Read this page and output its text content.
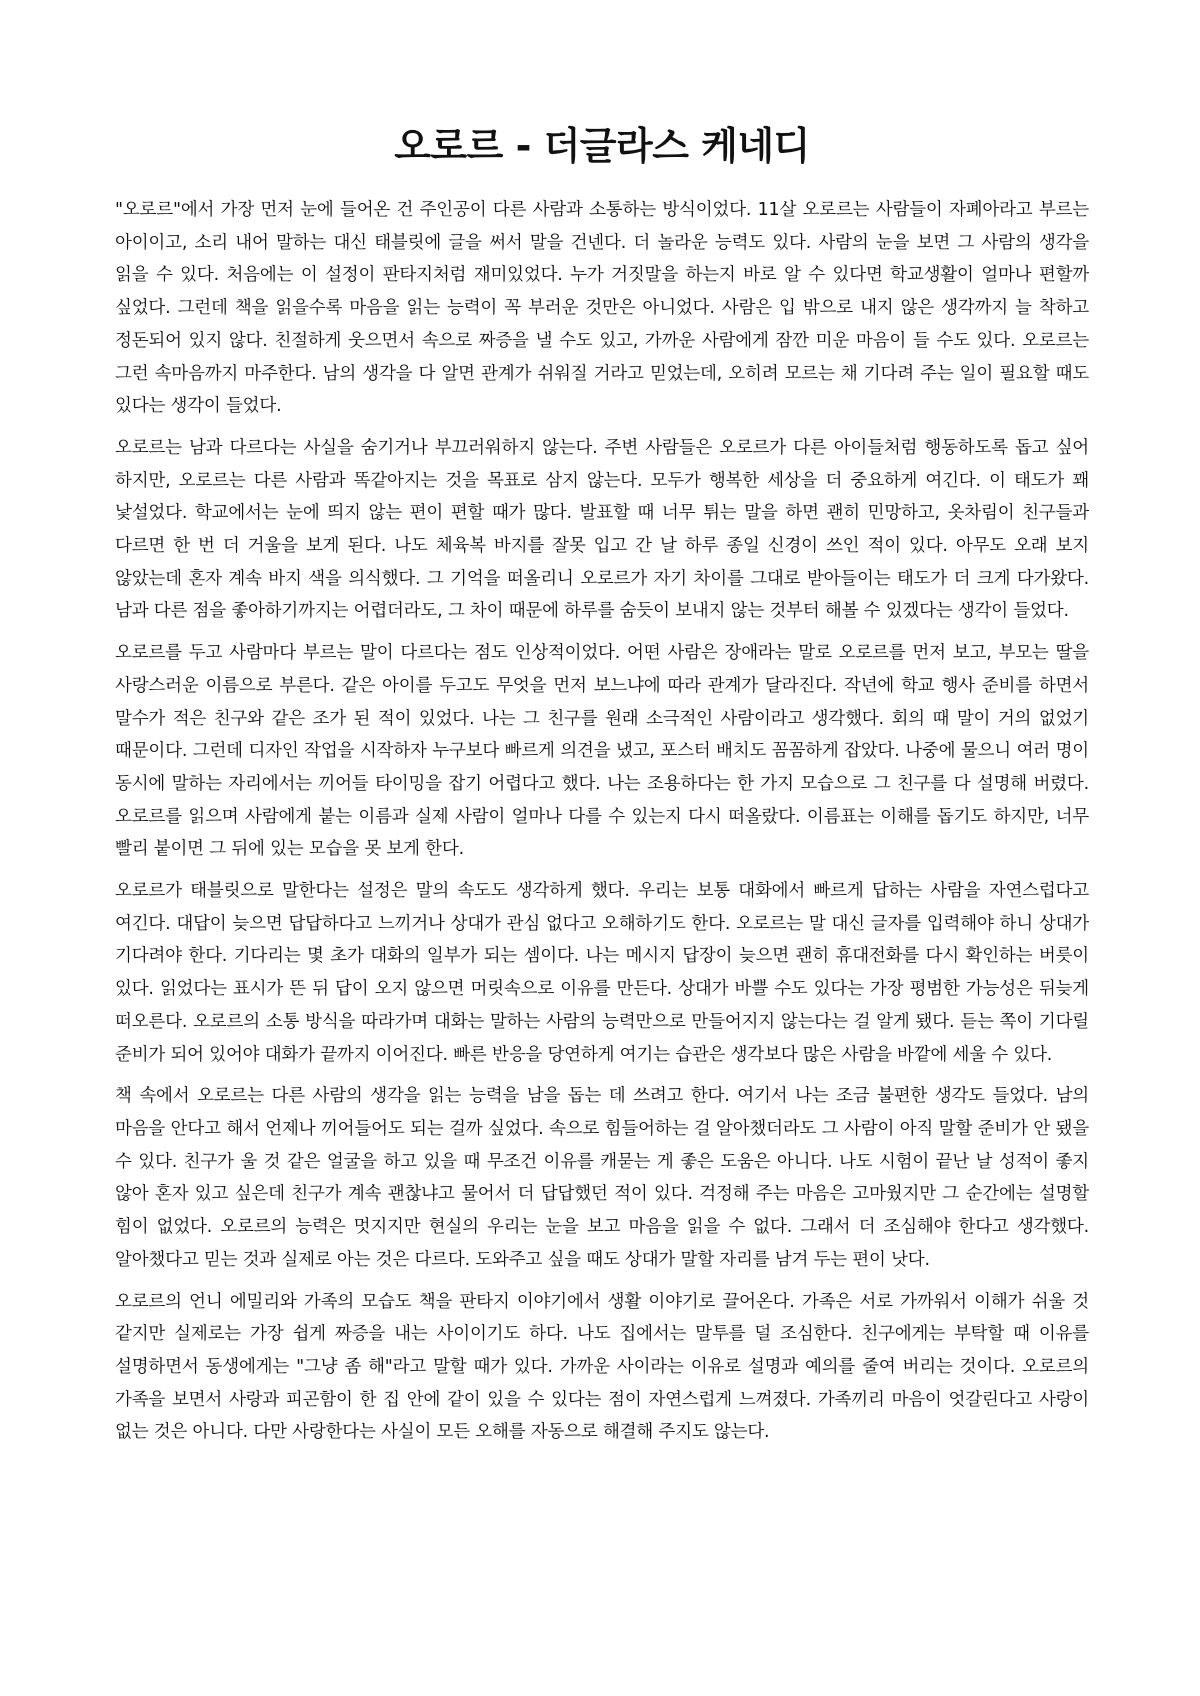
오로르 - 더글라스 케네디

"오로르"에서 가장 먼저 눈에 들어온 건 주인공이 다른 사람과 소통하는 방식이었다. 11살 오로르는 사람들이 자폐아라고 부르는 아이이고, 소리 내어 말하는 대신 태블릿에 글을 써서 말을 건넨다. 더 놀라운 능력도 있다. 사람의 눈을 보면 그 사람의 생각을 읽을 수 있다. 처음에는 이 설정이 판타지처럼 재미있었다. 누가 거짓말을 하는지 바로 알 수 있다면 학교생활이 얼마나 편할까 싶었다. 그런데 책을 읽을수록 마음을 읽는 능력이 꼭 부러운 것만은 아니었다. 사람은 입 밖으로 내지 않은 생각까지 늘 착하고 정돈되어 있지 않다. 친절하게 웃으면서 속으로 짜증을 낼 수도 있고, 가까운 사람에게 잠깐 미운 마음이 들 수도 있다. 오로르는 그런 속마음까지 마주한다. 남의 생각을 다 알면 관계가 쉬워질 거라고 믿었는데, 오히려 모르는 채 기다려 주는 일이 필요할 때도 있다는 생각이 들었다.

오로르는 남과 다르다는 사실을 숨기거나 부끄러워하지 않는다. 주변 사람들은 오로르가 다른 아이들처럼 행동하도록 돕고 싶어 하지만, 오로르는 다른 사람과 똑같아지는 것을 목표로 삼지 않는다. 모두가 행복한 세상을 더 중요하게 여긴다. 이 태도가 꽤 낯설었다. 학교에서는 눈에 띄지 않는 편이 편할 때가 많다. 발표할 때 너무 튀는 말을 하면 괜히 민망하고, 옷차림이 친구들과 다르면 한 번 더 거울을 보게 된다. 나도 체육복 바지를 잘못 입고 간 날 하루 종일 신경이 쓰인 적이 있다. 아무도 오래 보지 않았는데 혼자 계속 바지 색을 의식했다. 그 기억을 떠올리니 오로르가 자기 차이를 그대로 받아들이는 태도가 더 크게 다가왔다. 남과 다른 점을 좋아하기까지는 어렵더라도, 그 차이 때문에 하루를 숨듯이 보내지 않는 것부터 해볼 수 있겠다는 생각이 들었다.

오로르를 두고 사람마다 부르는 말이 다르다는 점도 인상적이었다. 어떤 사람은 장애라는 말로 오로르를 먼저 보고, 부모는 딸을 사랑스러운 이름으로 부른다. 같은 아이를 두고도 무엇을 먼저 보느냐에 따라 관계가 달라진다. 작년에 학교 행사 준비를 하면서 말수가 적은 친구와 같은 조가 된 적이 있었다. 나는 그 친구를 원래 소극적인 사람이라고 생각했다. 회의 때 말이 거의 없었기 때문이다. 그런데 디자인 작업을 시작하자 누구보다 빠르게 의견을 냈고, 포스터 배치도 꼼꼼하게 잡았다. 나중에 물으니 여러 명이 동시에 말하는 자리에서는 끼어들 타이밍을 잡기 어렵다고 했다. 나는 조용하다는 한 가지 모습으로 그 친구를 다 설명해 버렸다. 오로르를 읽으며 사람에게 붙는 이름과 실제 사람이 얼마나 다를 수 있는지 다시 떠올랐다. 이름표는 이해를 돕기도 하지만, 너무 빨리 붙이면 그 뒤에 있는 모습을 못 보게 한다.

오로르가 태블릿으로 말한다는 설정은 말의 속도도 생각하게 했다. 우리는 보통 대화에서 빠르게 답하는 사람을 자연스럽다고 여긴다. 대답이 늦으면 답답하다고 느끼거나 상대가 관심 없다고 오해하기도 한다. 오로르는 말 대신 글자를 입력해야 하니 상대가 기다려야 한다. 기다리는 몇 초가 대화의 일부가 되는 셈이다. 나는 메시지 답장이 늦으면 괜히 휴대전화를 다시 확인하는 버릇이 있다. 읽었다는 표시가 뜬 뒤 답이 오지 않으면 머릿속으로 이유를 만든다. 상대가 바쁠 수도 있다는 가장 평범한 가능성은 뒤늦게 떠오른다. 오로르의 소통 방식을 따라가며 대화는 말하는 사람의 능력만으로 만들어지지 않는다는 걸 알게 됐다. 듣는 쪽이 기다릴 준비가 되어 있어야 대화가 끝까지 이어진다. 빠른 반응을 당연하게 여기는 습관은 생각보다 많은 사람을 바깥에 세울 수 있다.

책 속에서 오로르는 다른 사람의 생각을 읽는 능력을 남을 돕는 데 쓰려고 한다. 여기서 나는 조금 불편한 생각도 들었다. 남의 마음을 안다고 해서 언제나 끼어들어도 되는 걸까 싶었다. 속으로 힘들어하는 걸 알아챘더라도 그 사람이 아직 말할 준비가 안 됐을 수 있다. 친구가 울 것 같은 얼굴을 하고 있을 때 무조건 이유를 캐묻는 게 좋은 도움은 아니다. 나도 시험이 끝난 날 성적이 좋지 않아 혼자 있고 싶은데 친구가 계속 괜찮냐고 물어서 더 답답했던 적이 있다. 걱정해 주는 마음은 고마웠지만 그 순간에는 설명할 힘이 없었다. 오로르의 능력은 멋지지만 현실의 우리는 눈을 보고 마음을 읽을 수 없다. 그래서 더 조심해야 한다고 생각했다. 알아챘다고 믿는 것과 실제로 아는 것은 다르다. 도와주고 싶을 때도 상대가 말할 자리를 남겨 두는 편이 낫다.

오로르의 언니 에밀리와 가족의 모습도 책을 판타지 이야기에서 생활 이야기로 끌어온다. 가족은 서로 가까워서 이해가 쉬울 것 같지만 실제로는 가장 쉽게 짜증을 내는 사이이기도 하다. 나도 집에서는 말투를 덜 조심한다. 친구에게는 부탁할 때 이유를 설명하면서 동생에게는 "그냥 좀 해"라고 말할 때가 있다. 가까운 사이라는 이유로 설명과 예의를 줄여 버리는 것이다. 오로르의 가족을 보면서 사랑과 피곤함이 한 집 안에 같이 있을 수 있다는 점이 자연스럽게 느껴졌다. 가족끼리 마음이 엇갈린다고 사랑이 없는 것은 아니다. 다만 사랑한다는 사실이 모든 오해를 자동으로 해결해 주지도 않는다.
